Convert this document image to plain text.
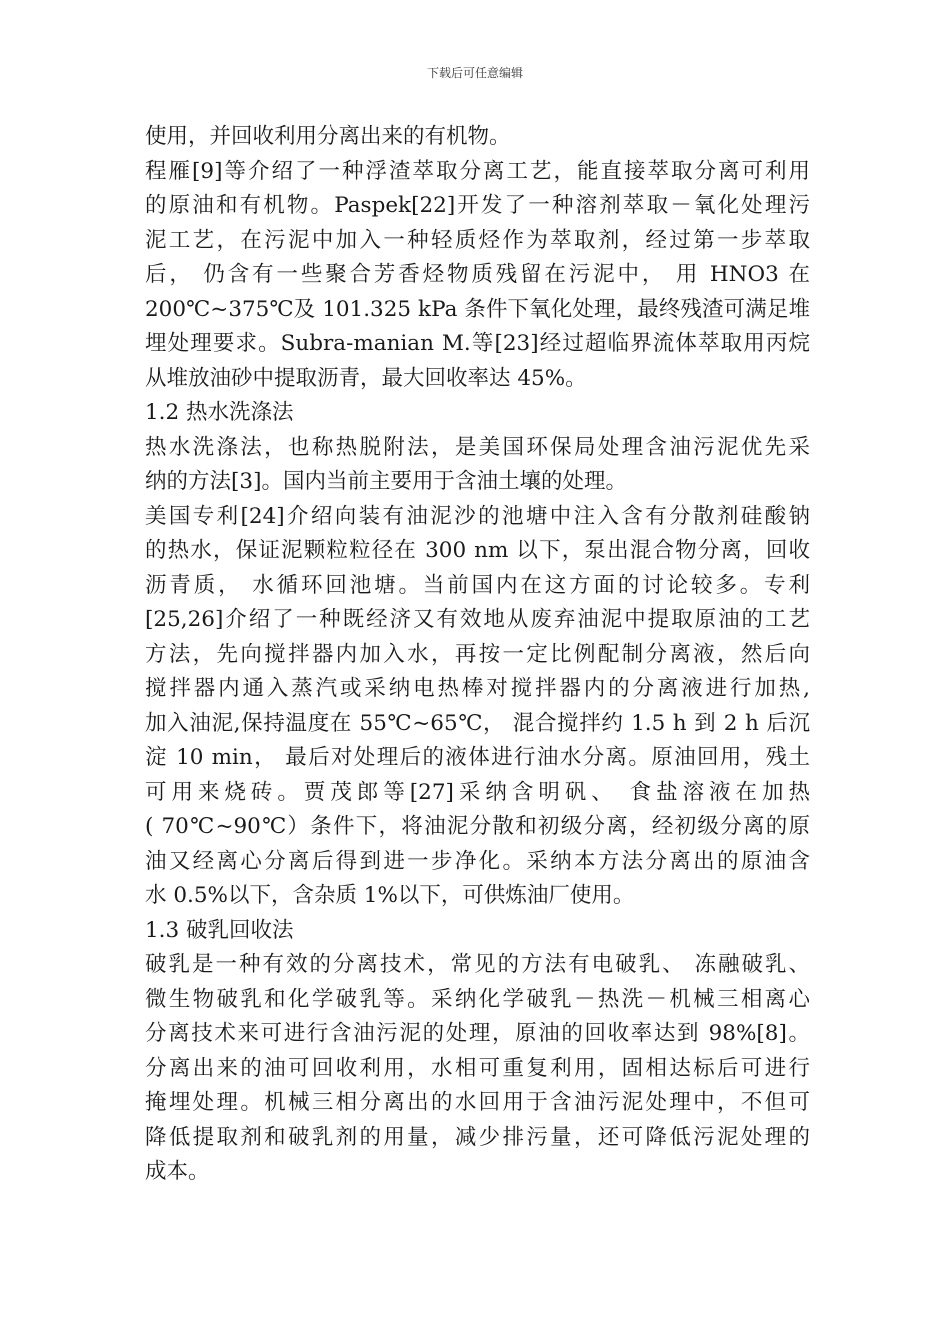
下载后可任意编辑
使用，并回收利用分离出来的有机物。
程雁[9]等介绍了一种浮渣萃取分离工艺，能直接萃取分离可利用
的原油和有机物。Paspek[22]开发了一种溶剂萃取－氧化处理污
泥工艺，在污泥中加入一种轻质烃作为萃取剂，经过第一步萃取
后， 仍含有一些聚合芳香烃物质残留在污泥中， 用 HNO3 在
200℃~375℃及 101.325 kPa 条件下氧化处理，最终残渣可满足堆
埋处理要求。Subra-manian M.等[23]经过超临界流体萃取用丙烷
从堆放油砂中提取沥青，最大回收率达 45%。
1.2 热水洗涤法
热水洗涤法，也称热脱附法，是美国环保局处理含油污泥优先采
纳的方法[3]。国内当前主要用于含油土壤的处理。
美国专利[24]介绍向装有油泥沙的池塘中注入含有分散剂硅酸钠
的热水，保证泥颗粒粒径在 300 nm 以下，泵出混合物分离，回收
沥青质， 水循环回池塘。当前国内在这方面的讨论较多。专利
[25,26]介绍了一种既经济又有效地从废弃油泥中提取原油的工艺
方法，先向搅拌器内加入水，再按一定比例配制分离液，然后向
搅拌器内通入蒸汽或采纳电热棒对搅拌器内的分离液进行加热,
加入油泥,保持温度在 55℃~65℃， 混合搅拌约 1.5 h 到 2 h 后沉
淀 10 min， 最后对处理后的液体进行油水分离。原油回用，残土
可用来烧砖。贾茂郎等[27]采纳含明矾、 食盐溶液在加热
( 70℃~90℃）条件下，将油泥分散和初级分离，经初级分离的原
油又经离心分离后得到进一步净化。采纳本方法分离出的原油含
水 0.5%以下，含杂质 1%以下，可供炼油厂使用。
1.3 破乳回收法
破乳是一种有效的分离技术，常见的方法有电破乳、 冻融破乳、
微生物破乳和化学破乳等。采纳化学破乳－热洗－机械三相离心
分离技术来可进行含油污泥的处理，原油的回收率达到 98%[8]。
分离出来的油可回收利用，水相可重复利用，固相达标后可进行
掩埋处理。机械三相分离出的水回用于含油污泥处理中，不但可
降低提取剂和破乳剂的用量，减少排污量，还可降低污泥处理的
成本。
